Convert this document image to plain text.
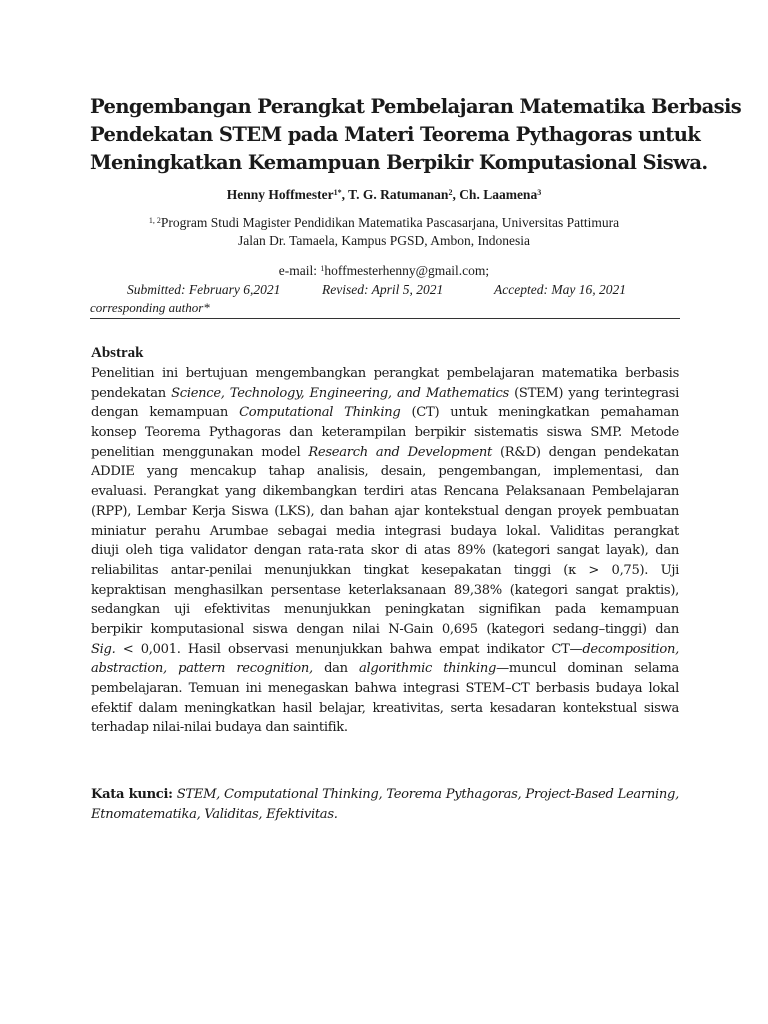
Pengembangan Perangkat Pembelajaran Matematika Berbasis
Pendekatan STEM pada Materi Teorema Pythagoras untuk
Meningkatkan Kemampuan Berpikir Komputasional Siswa.
Henny Hoffmester$^{1*}$, T. G. Ratumanan$^2$, Ch. Laamena$^3$
$^{1, 2}$Program Studi Magister Pendidikan Matematika Pascasarjana, Universitas Pattimura
Jalan Dr. Tamaela, Kampus PGSD, Ambon, Indonesia
e-mail: $^1$hoffmesterhenny@gmail.com;
Submitted: February 6,2021	Revised: April 5, 2021	Accepted: May 16, 2021
corresponding author*
Abstrak
Penelitian ini bertujuan mengembangkan perangkat pembelajaran matematika berbasis
pendekatan Science, Technology, Engineering, and Mathematics (STEM) yang terintegrasi
dengan kemampuan Computational Thinking (CT) untuk meningkatkan pemahaman
konsep Teorema Pythagoras dan keterampilan berpikir sistematis siswa SMP. Metode
penelitian menggunakan model Research and Development (R&D) dengan pendekatan
ADDIE yang mencakup tahap analisis, desain, pengembangan, implementasi, dan
evaluasi. Perangkat yang dikembangkan terdiri atas Rencana Pelaksanaan Pembelajaran
(RPP), Lembar Kerja Siswa (LKS), dan bahan ajar kontekstual dengan proyek pembuatan
miniatur perahu Arumbae sebagai media integrasi budaya lokal. Validitas perangkat
diuji oleh tiga validator dengan rata-rata skor di atas 89% (kategori sangat layak), dan
reliabilitas antar-penilai menunjukkan tingkat kesepakatan tinggi (κ > 0,75). Uji
kepraktisan menghasilkan persentase keterlaksanaan 89,38% (kategori sangat praktis),
sedangkan uji efektivitas menunjukkan peningkatan signifikan pada kemampuan
berpikir komputasional siswa dengan nilai N-Gain 0,695 (kategori sedang–tinggi) dan
Sig. < 0,001. Hasil observasi menunjukkan bahwa empat indikator CT—decomposition,
abstraction, pattern recognition, dan algorithmic thinking—muncul dominan selama
pembelajaran. Temuan ini menegaskan bahwa integrasi STEM–CT berbasis budaya lokal
efektif dalam meningkatkan hasil belajar, kreativitas, serta kesadaran kontekstual siswa
terhadap nilai-nilai budaya dan saintifik.
Kata kunci: STEM, Computational Thinking, Teorema Pythagoras, Project-Based Learning,
Etnomatematika, Validitas, Efektivitas.
